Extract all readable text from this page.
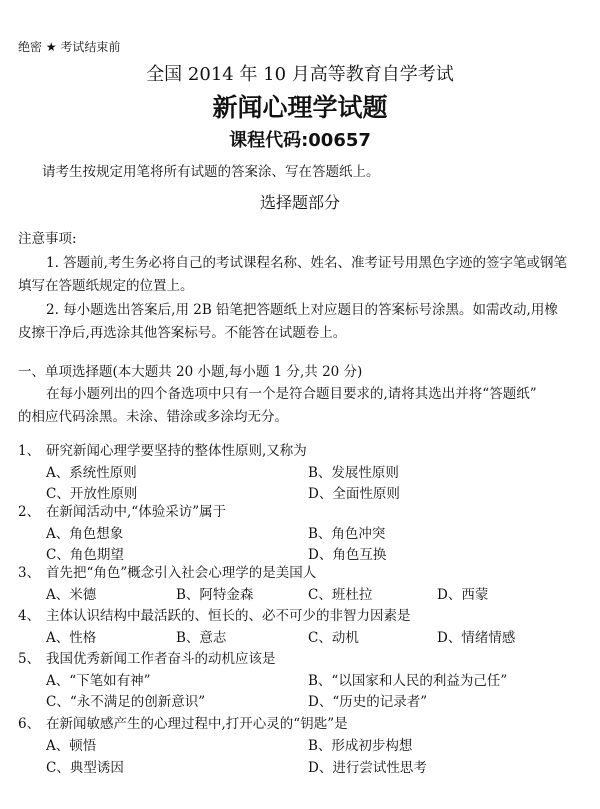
绝密 ★ 考试结束前
全国 2014 年 10 月高等教育自学考试
新闻心理学试题
课程代码:00657
请考生按规定用笔将所有试题的答案涂、写在答题纸上。
选择题部分
注意事项:
1. 答题前,考生务必将自己的考试课程名称、姓名、准考证号用黑色字迹的签字笔或钢笔
填写在答题纸规定的位置上。
2. 每小题选出答案后,用 2B 铅笔把答题纸上对应题目的答案标号涂黑。如需改动,用橡
皮擦干净后,再选涂其他答案标号。不能答在试题卷上。
一、单项选择题(本大题共 20 小题,每小题 1 分,共 20 分)
在每小题列出的四个备选项中只有一个是符合题目要求的,请将其选出并将“答题纸”
的相应代码涂黑。未涂、错涂或多涂均无分。
1、 研究新闻心理学要坚持的整体性原则,又称为
A、系统性原则	B、发展性原则
C、开放性原则	D、全面性原则
2、 在新闻活动中,“体验采访”属于
A、角色想象	B、角色冲突
C、角色期望	D、角色互换
3、 首先把“角色”概念引入社会心理学的是美国人
A、米德	B、阿特金森	C、班杜拉	D、西蒙
4、 主体认识结构中最活跃的、恒长的、必不可少的非智力因素是
A、性格	B、意志	C、动机	D、情绪情感
5、 我国优秀新闻工作者奋斗的动机应该是
A、“下笔如有神”	B、“以国家和人民的利益为己任”
C、“永不满足的创新意识”	D、“历史的记录者”
6、 在新闻敏感产生的心理过程中,打开心灵的“钥匙”是
A、顿悟	B、形成初步构想
C、典型诱因	D、进行尝试性思考
